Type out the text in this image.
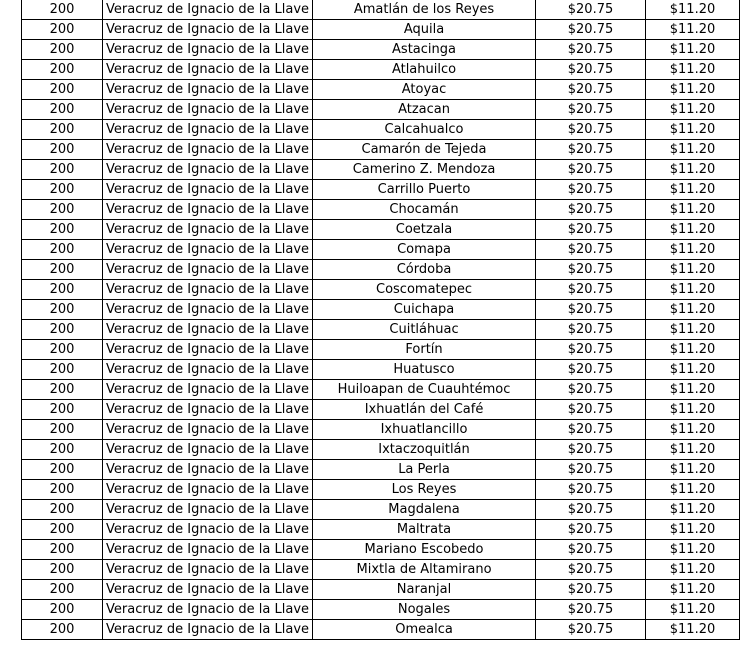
200	Veracruz de Ignacio de la Llave	Amatlán de los Reyes	$20.75	$11.20
200	Veracruz de Ignacio de la Llave	Aquila	$20.75	$11.20
200	Veracruz de Ignacio de la Llave	Astacinga	$20.75	$11.20
200	Veracruz de Ignacio de la Llave	Atlahuilco	$20.75	$11.20
200	Veracruz de Ignacio de la Llave	Atoyac	$20.75	$11.20
200	Veracruz de Ignacio de la Llave	Atzacan	$20.75	$11.20
200	Veracruz de Ignacio de la Llave	Calcahualco	$20.75	$11.20
200	Veracruz de Ignacio de la Llave	Camarón de Tejeda	$20.75	$11.20
200	Veracruz de Ignacio de la Llave	Camerino Z. Mendoza	$20.75	$11.20
200	Veracruz de Ignacio de la Llave	Carrillo Puerto	$20.75	$11.20
200	Veracruz de Ignacio de la Llave	Chocamán	$20.75	$11.20
200	Veracruz de Ignacio de la Llave	Coetzala	$20.75	$11.20
200	Veracruz de Ignacio de la Llave	Comapa	$20.75	$11.20
200	Veracruz de Ignacio de la Llave	Córdoba	$20.75	$11.20
200	Veracruz de Ignacio de la Llave	Coscomatepec	$20.75	$11.20
200	Veracruz de Ignacio de la Llave	Cuichapa	$20.75	$11.20
200	Veracruz de Ignacio de la Llave	Cuitláhuac	$20.75	$11.20
200	Veracruz de Ignacio de la Llave	Fortín	$20.75	$11.20
200	Veracruz de Ignacio de la Llave	Huatusco	$20.75	$11.20
200	Veracruz de Ignacio de la Llave	Huiloapan de Cuauhtémoc	$20.75	$11.20
200	Veracruz de Ignacio de la Llave	Ixhuatlán del Café	$20.75	$11.20
200	Veracruz de Ignacio de la Llave	Ixhuatlancillo	$20.75	$11.20
200	Veracruz de Ignacio de la Llave	Ixtaczoquitlán	$20.75	$11.20
200	Veracruz de Ignacio de la Llave	La Perla	$20.75	$11.20
200	Veracruz de Ignacio de la Llave	Los Reyes	$20.75	$11.20
200	Veracruz de Ignacio de la Llave	Magdalena	$20.75	$11.20
200	Veracruz de Ignacio de la Llave	Maltrata	$20.75	$11.20
200	Veracruz de Ignacio de la Llave	Mariano Escobedo	$20.75	$11.20
200	Veracruz de Ignacio de la Llave	Mixtla de Altamirano	$20.75	$11.20
200	Veracruz de Ignacio de la Llave	Naranjal	$20.75	$11.20
200	Veracruz de Ignacio de la Llave	Nogales	$20.75	$11.20
200	Veracruz de Ignacio de la Llave	Omealca	$20.75	$11.20
